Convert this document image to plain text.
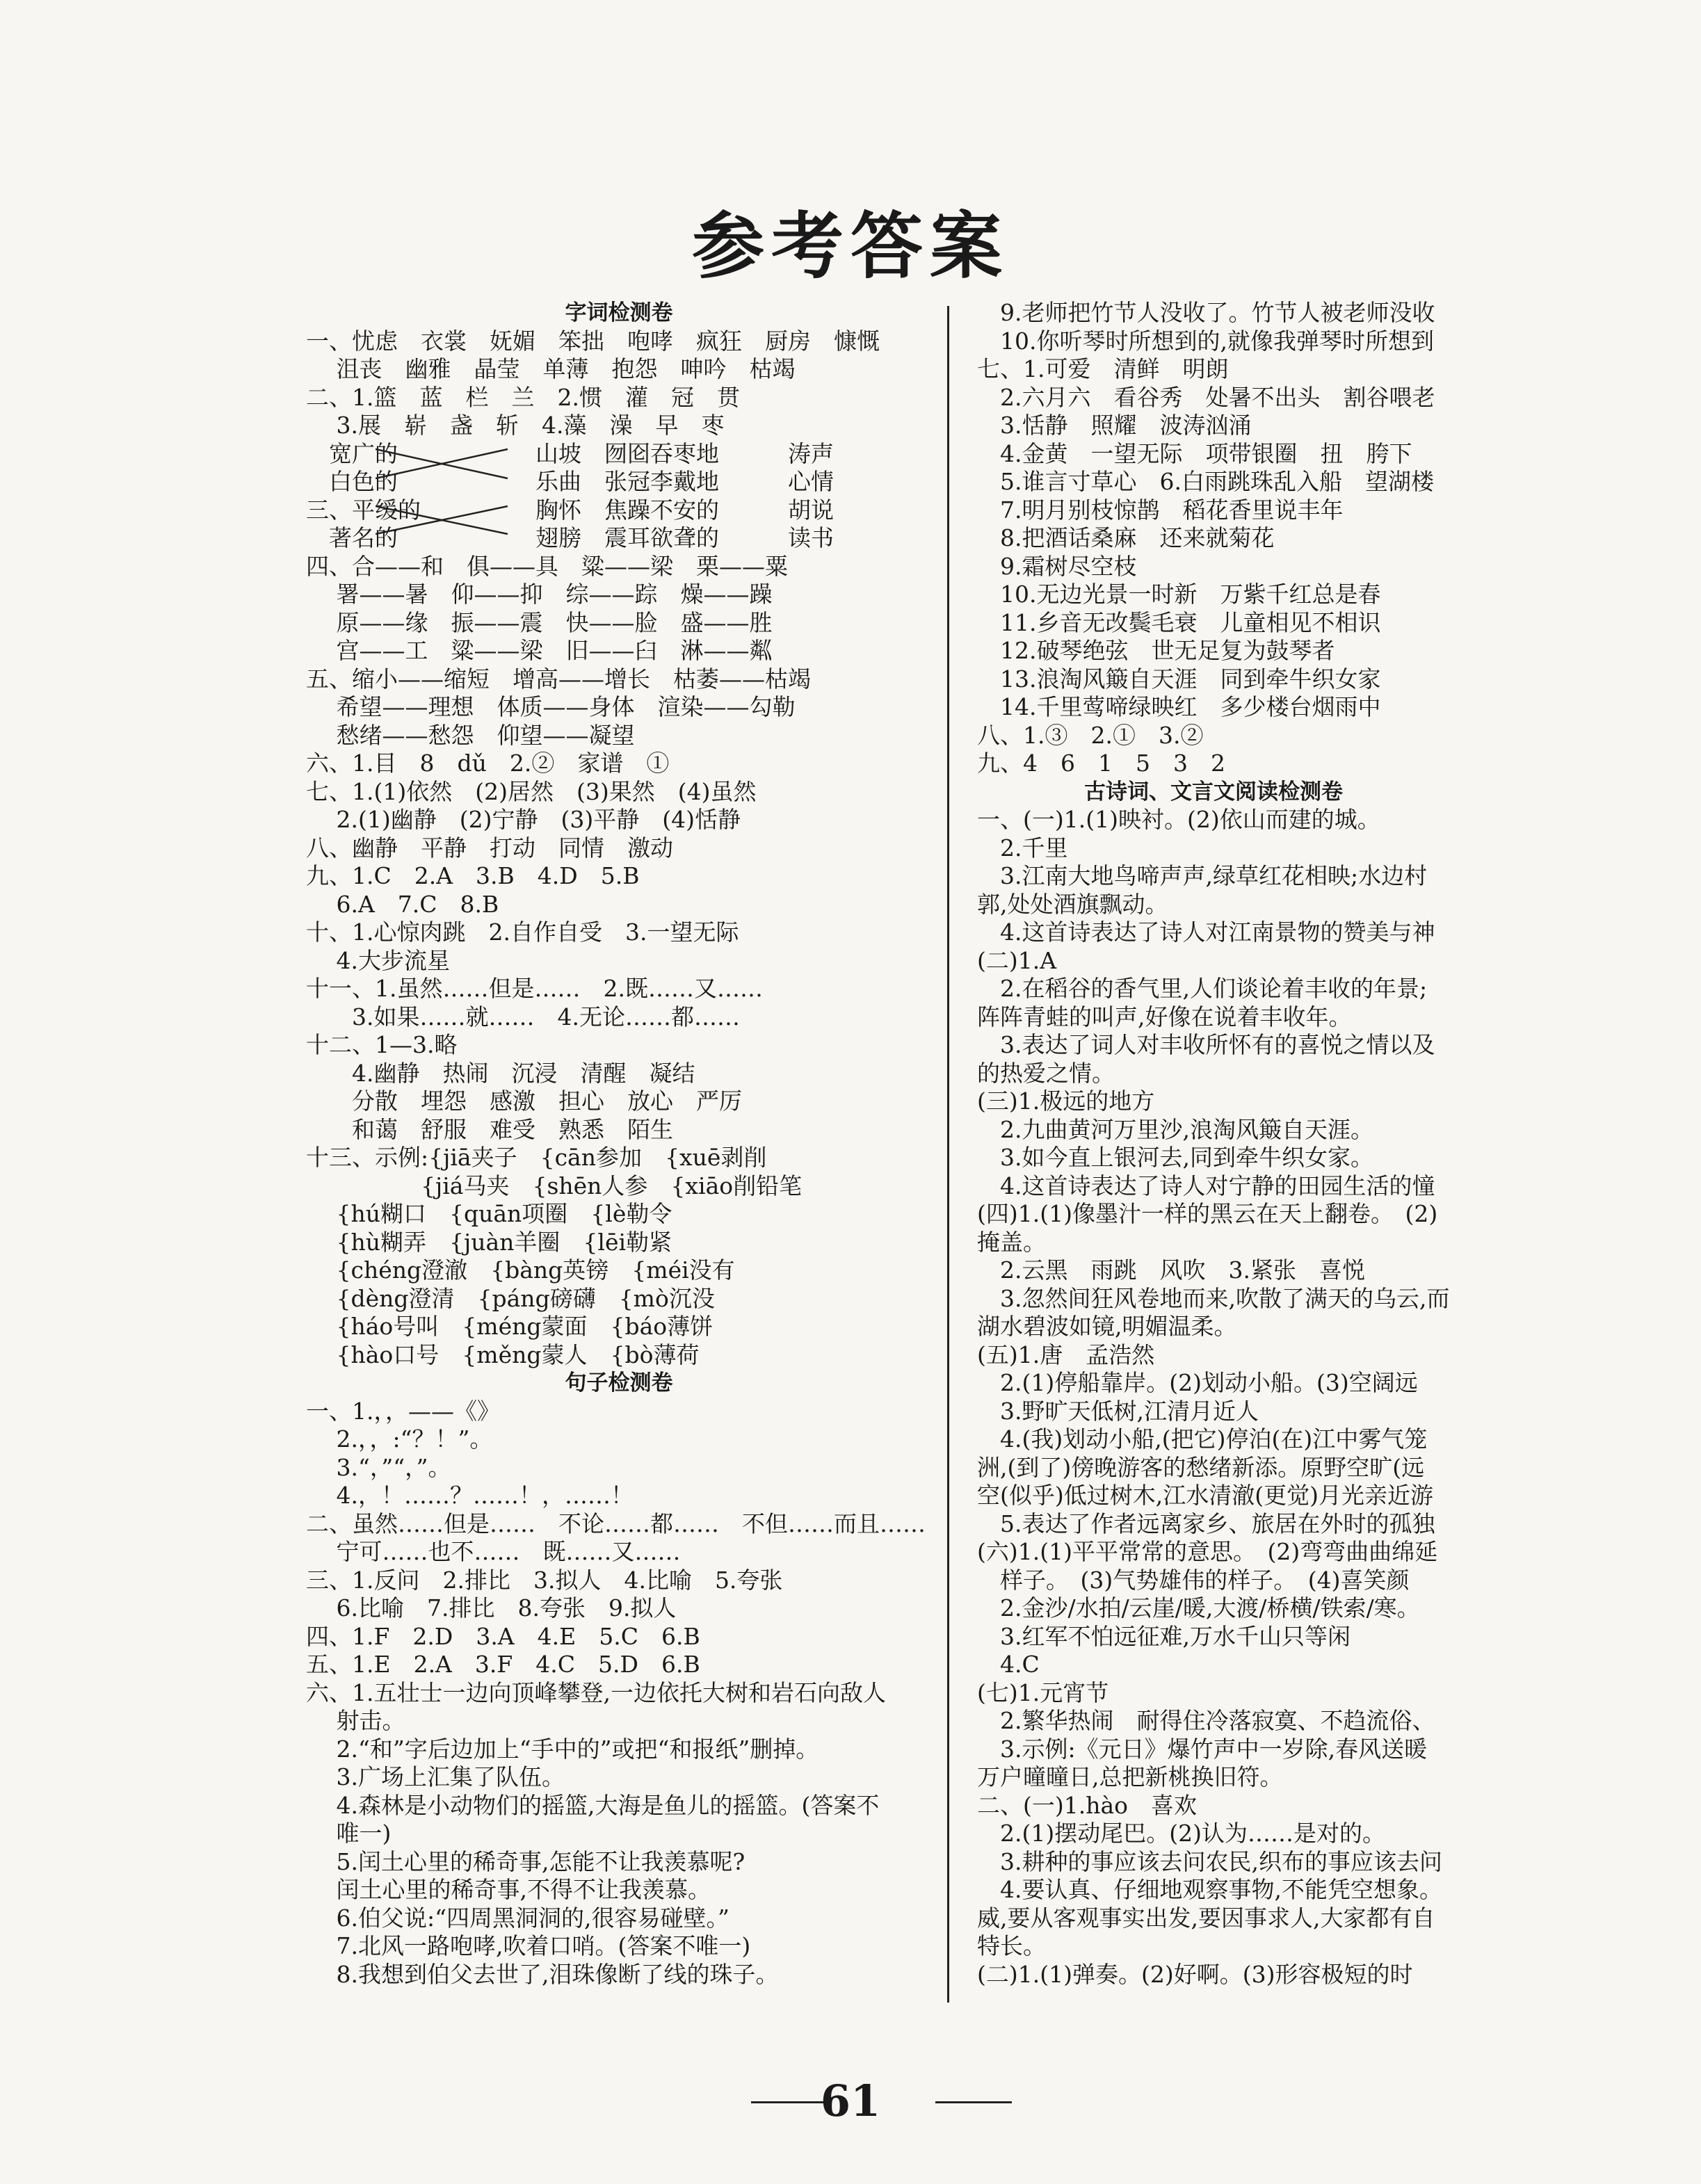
参考答案
字词检测卷
一、忧虑　衣裳　妩媚　笨拙　咆哮　疯狂　厨房　慷慨
　 沮丧　幽雅　晶莹　单薄　抱怨　呻吟　枯竭
二、1.篮　蓝　栏　兰　2.惯　灌　冠　贯
　 3.展　崭　盏　斩　4.藻　澡　早　枣
　宽广的　　　　　　山坡　囫囵吞枣地　　　涛声
　白色的　　　　　　乐曲　张冠李戴地　　　心情
三、平缓的　　　　　胸怀　焦躁不安的　　　胡说
　著名的　　　　　　翅膀　震耳欲聋的　　　读书
四、合——和　俱——具　粱——梁　栗——粟
　 署——暑　仰——抑　综——踪　燥——躁
　 原——缘　振——震　快——脸　盛——胜
　 宫——工　粱——梁　旧——臼　淋——粼
五、缩小——缩短　增高——增长　枯萎——枯竭
　 希望——理想　体质——身体　渲染——勾勒
　 愁绪——愁怨　仰望——凝望
六、1.目　8　dǔ　2.②　家谱　①
七、1.(1)依然　(2)居然　(3)果然　(4)虽然
　 2.(1)幽静　(2)宁静　(3)平静　(4)恬静
八、幽静　平静　打动　同情　激动
九、1.C　2.A　3.B　4.D　5.B
　 6.A　7.C　8.B
十、1.心惊肉跳　2.自作自受　3.一望无际
　 4.大步流星
十一、1.虽然……但是……　2.既……又……
　　3.如果……就……　4.无论……都……
十二、1—3.略
　　4.幽静　热闹　沉浸　清醒　凝结
　　分散　埋怨　感激　担心　放心　严厉
　　和蔼　舒服　难受　熟悉　陌生
十三、示例:{jiā夹子　{cān参加　{xuē剥削
　　　　　{jiá马夹　{shēn人参　{xiāo削铅笔
　 {hú糊口　{quān项圈　{lè勒令
　 {hù糊弄　{juàn羊圈　{lēi勒紧
　 {chéng澄澈　{bàng英镑　{méi没有
　 {dèng澄清　{páng磅礴　{mò沉没
　 {háo号叫　{méng蒙面　{báo薄饼
　 {hào口号　{měng蒙人　{bò薄荷
句子检测卷
一、1.，，——《》
　 2.，，:“？！”。
　 3.“，”“，”。
　 4.，！……？……！，……！
二、虽然……但是……　不论……都……　不但……而且……
　 宁可……也不……　既……又……
三、1.反问　2.排比　3.拟人　4.比喻　5.夸张
　 6.比喻　7.排比　8.夸张　9.拟人
四、1.F　2.D　3.A　4.E　5.C　6.B
五、1.E　2.A　3.F　4.C　5.D　6.B
六、1.五壮士一边向顶峰攀登,一边依托大树和岩石向敌人
　 射击。
　 2.“和”字后边加上“手中的”或把“和报纸”删掉。
　 3.广场上汇集了队伍。
　 4.森林是小动物们的摇篮,大海是鱼儿的摇篮。(答案不
　 唯一)
　 5.闰土心里的稀奇事,怎能不让我羡慕呢?
　 闰土心里的稀奇事,不得不让我羡慕。
　 6.伯父说:“四周黑洞洞的,很容易碰壁。”
　 7.北风一路咆哮,吹着口哨。(答案不唯一)
　 8.我想到伯父去世了,泪珠像断了线的珠子。
　9.老师把竹节人没收了。竹节人被老师没收
　10.你听琴时所想到的,就像我弹琴时所想到
七、1.可爱　清鲜　明朗
　2.六月六　看谷秀　处暑不出头　割谷喂老
　3.恬静　照耀　波涛汹涌
　4.金黄　一望无际　项带银圈　扭　胯下
　5.谁言寸草心　6.白雨跳珠乱入船　望湖楼
　7.明月别枝惊鹊　稻花香里说丰年
　8.把酒话桑麻　还来就菊花
　9.霜树尽空枝
　10.无边光景一时新　万紫千红总是春
　11.乡音无改鬓毛衰　儿童相见不相识
　12.破琴绝弦　世无足复为鼓琴者
　13.浪淘风簸自天涯　同到牵牛织女家
　14.千里莺啼绿映红　多少楼台烟雨中
八、1.③　2.①　3.②
九、4　6　1　5　3　2
古诗词、文言文阅读检测卷
一、(一)1.(1)映衬。(2)依山而建的城。
　2.千里
　3.江南大地鸟啼声声,绿草红花相映;水边村
郭,处处酒旗飘动。
　4.这首诗表达了诗人对江南景物的赞美与神
(二)1.A
　2.在稻谷的香气里,人们谈论着丰收的年景;
阵阵青蛙的叫声,好像在说着丰收年。
　3.表达了词人对丰收所怀有的喜悦之情以及
的热爱之情。
(三)1.极远的地方
　2.九曲黄河万里沙,浪淘风簸自天涯。
　3.如今直上银河去,同到牵牛织女家。
　4.这首诗表达了诗人对宁静的田园生活的憧
(四)1.(1)像墨汁一样的黑云在天上翻卷。　(2)
掩盖。
　2.云黑　雨跳　风吹　3.紧张　喜悦
　3.忽然间狂风卷地而来,吹散了满天的乌云,而
湖水碧波如镜,明媚温柔。
(五)1.唐　孟浩然
　2.(1)停船靠岸。(2)划动小船。(3)空阔远
　3.野旷天低树,江清月近人
　4.(我)划动小船,(把它)停泊(在)江中雾气笼
洲,(到了)傍晚游客的愁绪新添。原野空旷(远
空(似乎)低过树木,江水清澈(更觉)月光亲近游
　5.表达了作者远离家乡、旅居在外时的孤独
(六)1.(1)平平常常的意思。　(2)弯弯曲曲绵延
　样子。　(3)气势雄伟的样子。　(4)喜笑颜
　2.金沙/水拍/云崖/暖,大渡/桥横/铁索/寒。
　3.红军不怕远征难,万水千山只等闲
　4.C
(七)1.元宵节
　2.繁华热闹　耐得住冷落寂寞、不趋流俗、
　3.示例:《元日》爆竹声中一岁除,春风送暖
万户曈曈日,总把新桃换旧符。
二、(一)1.hào　喜欢
　2.(1)摆动尾巴。(2)认为……是对的。
　3.耕种的事应该去问农民,织布的事应该去问
　4.要认真、仔细地观察事物,不能凭空想象。
威,要从客观事实出发,要因事求人,大家都有自
特长。
(二)1.(1)弹奏。(2)好啊。(3)形容极短的时
61
